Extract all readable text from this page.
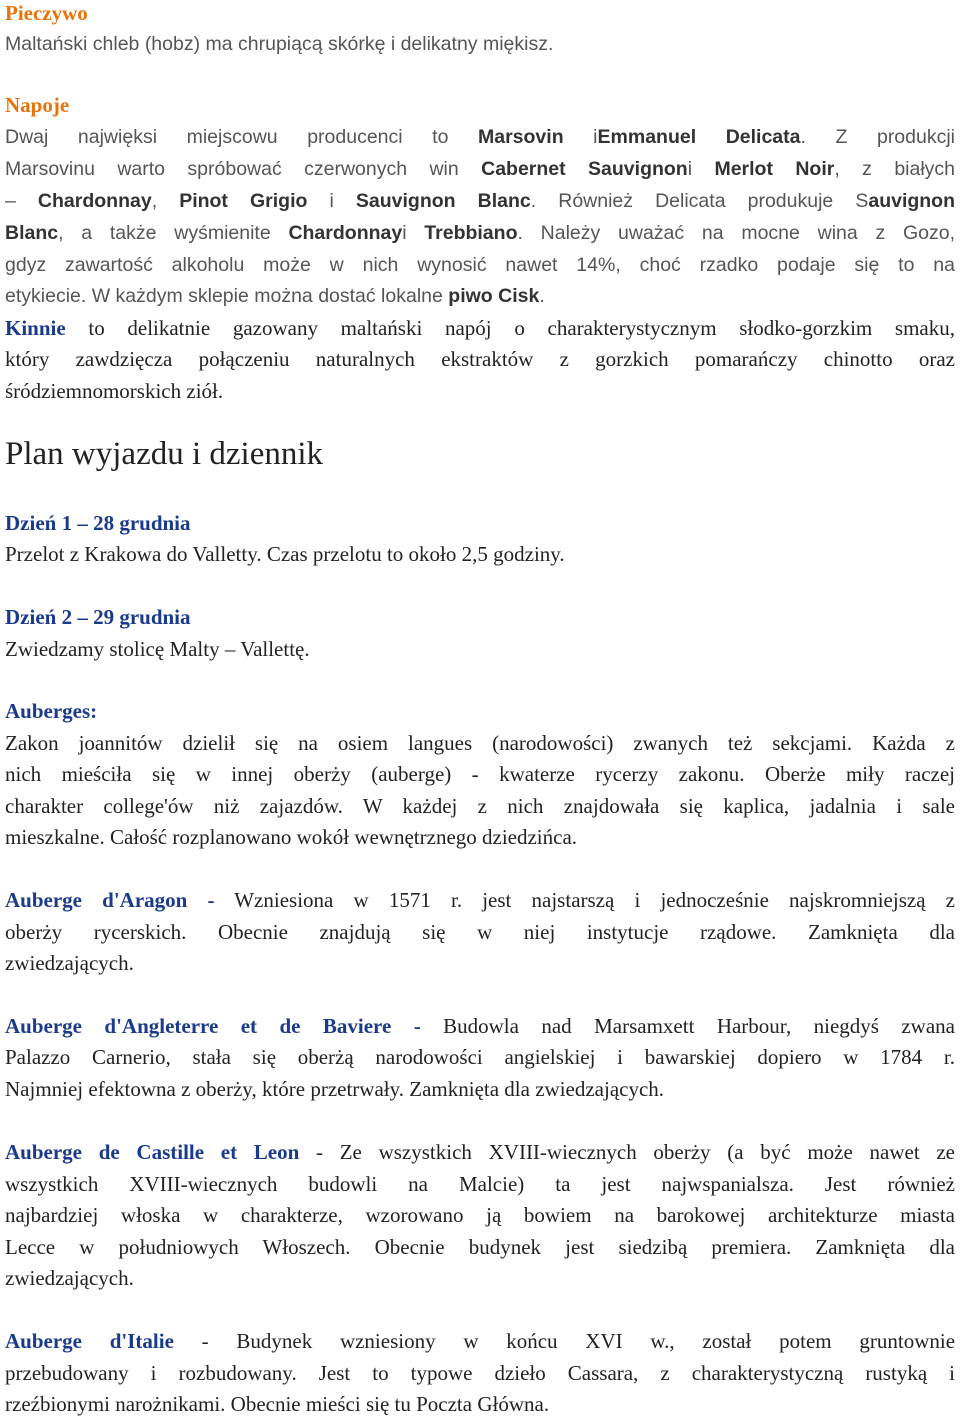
Pieczywo
Maltański chleb (hobz) ma chrupiącą skórkę i delikatny miękisz.
Napoje
Dwaj najwięksi miejscowu producenci to Marsovin iEmmanuel Delicata. Z produkcji
Marsovinu warto spróbować czerwonych win Cabernet Sauvignoni Merlot Noir, z białych
– Chardonnay, Pinot Grigio i Sauvignon Blanc. Również Delicata produkuje Sauvignon
Blanc, a także wyśmienite Chardonnayi Trebbiano. Należy uważać na mocne wina z Gozo,
gdyz zawartość alkoholu może w nich wynosić nawet 14%, choć rzadko podaje się to na
etykiecie. W każdym sklepie można dostać lokalne piwo Cisk.
Kinnie to delikatnie gazowany maltański napój o charakterystycznym słodko-gorzkim smaku,
który zawdzięcza połączeniu naturalnych ekstraktów z gorzkich pomarańczy chinotto oraz
śródziemnomorskich ziół.
Plan wyjazdu i dziennik
Dzień 1 – 28 grudnia
Przelot z Krakowa do Valletty. Czas przelotu to około 2,5 godziny.
Dzień 2 – 29 grudnia
Zwiedzamy stolicę Malty – Vallettę.
Auberges:
Zakon joannitów dzielił się na osiem langues (narodowości) zwanych też sekcjami. Każda z
nich mieściła się w innej oberży (auberge) - kwaterze rycerzy zakonu. Oberże miły raczej
charakter college'ów niż zajazdów. W każdej z nich znajdowała się kaplica, jadalnia i sale
mieszkalne. Całość rozplanowano wokół wewnętrznego dziedzińca.
Auberge d'Aragon - Wzniesiona w 1571 r. jest najstarszą i jednocześnie najskromniejszą z
oberży rycerskich. Obecnie znajdują się w niej instytucje rządowe. Zamknięta dla
zwiedzających.
Auberge d'Angleterre et de Baviere - Budowla nad Marsamxett Harbour, niegdyś zwana
Palazzo Carnerio, stała się oberżą narodowości angielskiej i bawarskiej dopiero w 1784 r.
Najmniej efektowna z oberży, które przetrwały. Zamknięta dla zwiedzających.
Auberge de Castille et Leon - Ze wszystkich XVIII-wiecznych oberży (a być może nawet ze
wszystkich XVIII-wiecznych budowli na Malcie) ta jest najwspanialsza. Jest również
najbardziej włoska w charakterze, wzorowano ją bowiem na barokowej architekturze miasta
Lecce w południowych Włoszech. Obecnie budynek jest siedzibą premiera. Zamknięta dla
zwiedzających.
Auberge d'Italie - Budynek wzniesiony w końcu XVI w., został potem gruntownie
przebudowany i rozbudowany. Jest to typowe dzieło Cassara, z charakterystyczną rustyką i
rzeźbionymi narożnikami. Obecnie mieści się tu Poczta Główna.
